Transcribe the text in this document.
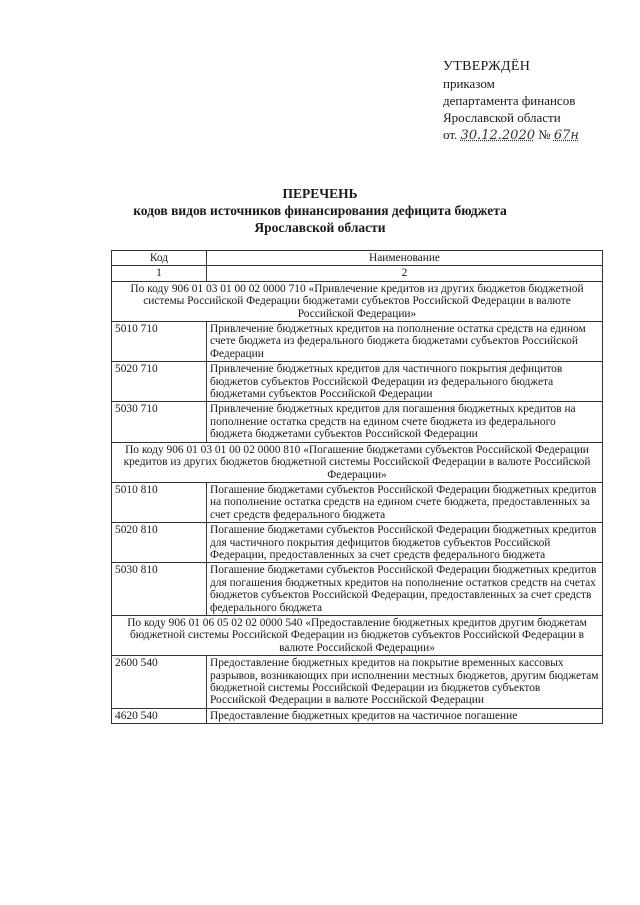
УТВЕРЖДЁН
приказом
департамента финансов
Ярославской области
от. 30.12.2020 № 67н
ПЕРЕЧЕНЬ
кодов видов источников финансирования дефицита бюджета
Ярославской области
Код	Наименование
1	2
По коду 906 01 03 01 00 02 0000 710 «Привлечение кредитов из других бюджетов бюджетной системы Российской Федерации бюджетами субъектов Российской Федерации в валюте Российской Федерации»	
5010 710	Привлечение бюджетных кредитов на пополнение остатка средств на едином счете бюджета из федерального бюджета бюджетами субъектов Российской Федерации
5020 710	Привлечение бюджетных кредитов для частичного покрытия дефицитов бюджетов субъектов Российской Федерации из федерального бюджета бюджетами субъектов Российской Федерации
5030 710	Привлечение бюджетных кредитов для погашения бюджетных кредитов на пополнение остатка средств на едином счете бюджета из федерального бюджета бюджетами субъектов Российской Федерации
По коду 906 01 03 01 00 02 0000 810 «Погашение бюджетами субъектов Российской Федерации кредитов из других бюджетов бюджетной системы Российской Федерации в валюте Российской Федерации»	
5010 810	Погашение бюджетами субъектов Российской Федерации бюджетных кредитов на пополнение остатка средств на едином счете бюджета, предоставленных за счет средств федерального бюджета
5020 810	Погашение бюджетами субъектов Российской Федерации бюджетных кредитов для частичного покрытия дефицитов бюджетов субъектов Российской Федерации, предоставленных за счет средств федерального бюджета
5030 810	Погашение бюджетами субъектов Российской Федерации бюджетных кредитов для погашения бюджетных кредитов на пополнение остатков средств на счетах бюджетов субъектов Российской Федерации, предоставленных за счет средств федерального бюджета
По коду 906 01 06 05 02 02 0000 540 «Предоставление бюджетных кредитов другим бюджетам бюджетной системы Российской Федерации из бюджетов субъектов Российской Федерации в валюте Российской Федерации»	
2600 540	Предоставление бюджетных кредитов на покрытие временных кассовых разрывов, возникающих при исполнении местных бюджетов, другим бюджетам бюджетной системы Российской Федерации из бюджетов субъектов Российской Федерации в валюте Российской Федерации
4620 540	Предоставление бюджетных кредитов на частичное погашение
